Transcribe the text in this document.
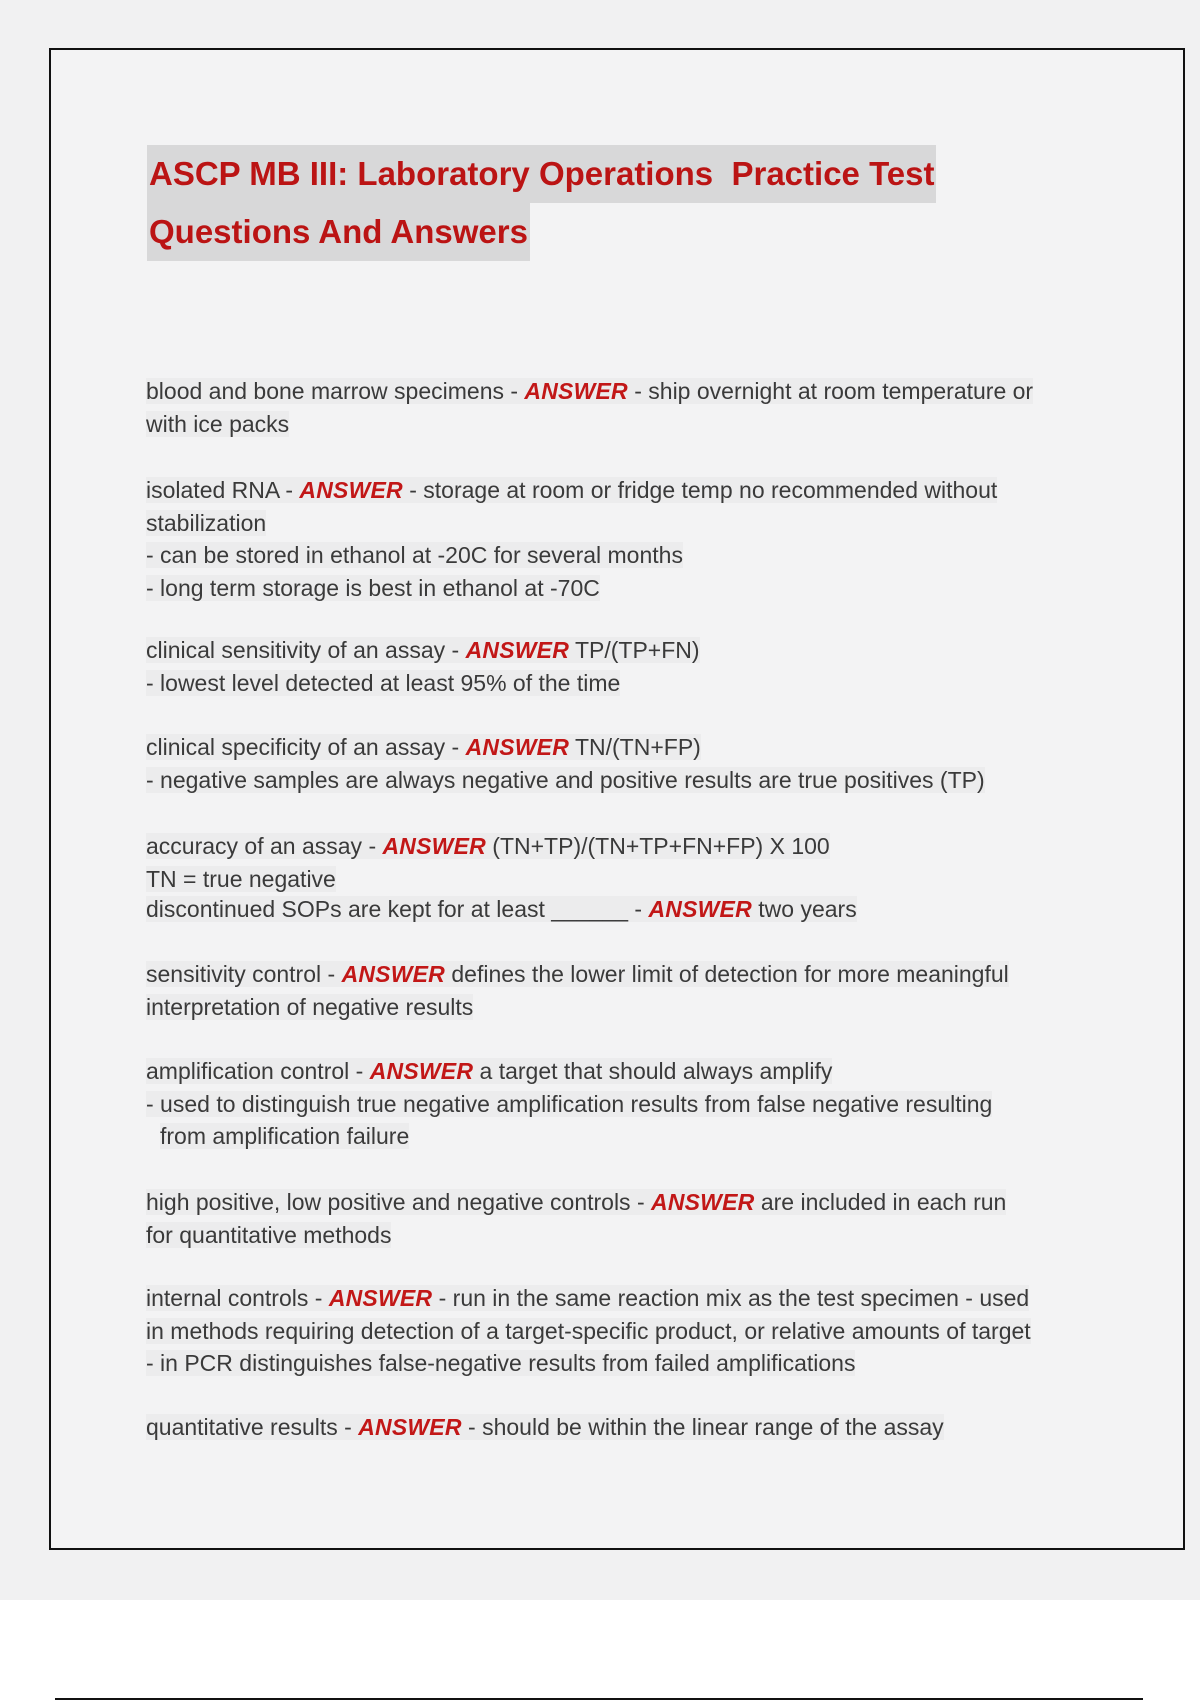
ASCP MB III: Laboratory Operations  Practice Test
Questions And Answers
blood and bone marrow specimens - ANSWER - ship overnight at room temperature or
with ice packs
isolated RNA - ANSWER - storage at room or fridge temp no recommended without
stabilization
- can be stored in ethanol at -20C for several months
- long term storage is best in ethanol at -70C
clinical sensitivity of an assay - ANSWER TP/(TP+FN)
- lowest level detected at least 95% of the time
clinical specificity of an assay - ANSWER TN/(TN+FP)
- negative samples are always negative and positive results are true positives (TP)
accuracy of an assay - ANSWER (TN+TP)/(TN+TP+FN+FP) X 100
TN = true negative
discontinued SOPs are kept for at least ______ - ANSWER two years
sensitivity control - ANSWER defines the lower limit of detection for more meaningful
interpretation of negative results
amplification control - ANSWER a target that should always amplify
- used to distinguish true negative amplification results from false negative resulting
from amplification failure
high positive, low positive and negative controls - ANSWER are included in each run
for quantitative methods
internal controls - ANSWER - run in the same reaction mix as the test specimen - used
in methods requiring detection of a target-specific product, or relative amounts of target
- in PCR distinguishes false-negative results from failed amplifications
quantitative results - ANSWER - should be within the linear range of the assay
